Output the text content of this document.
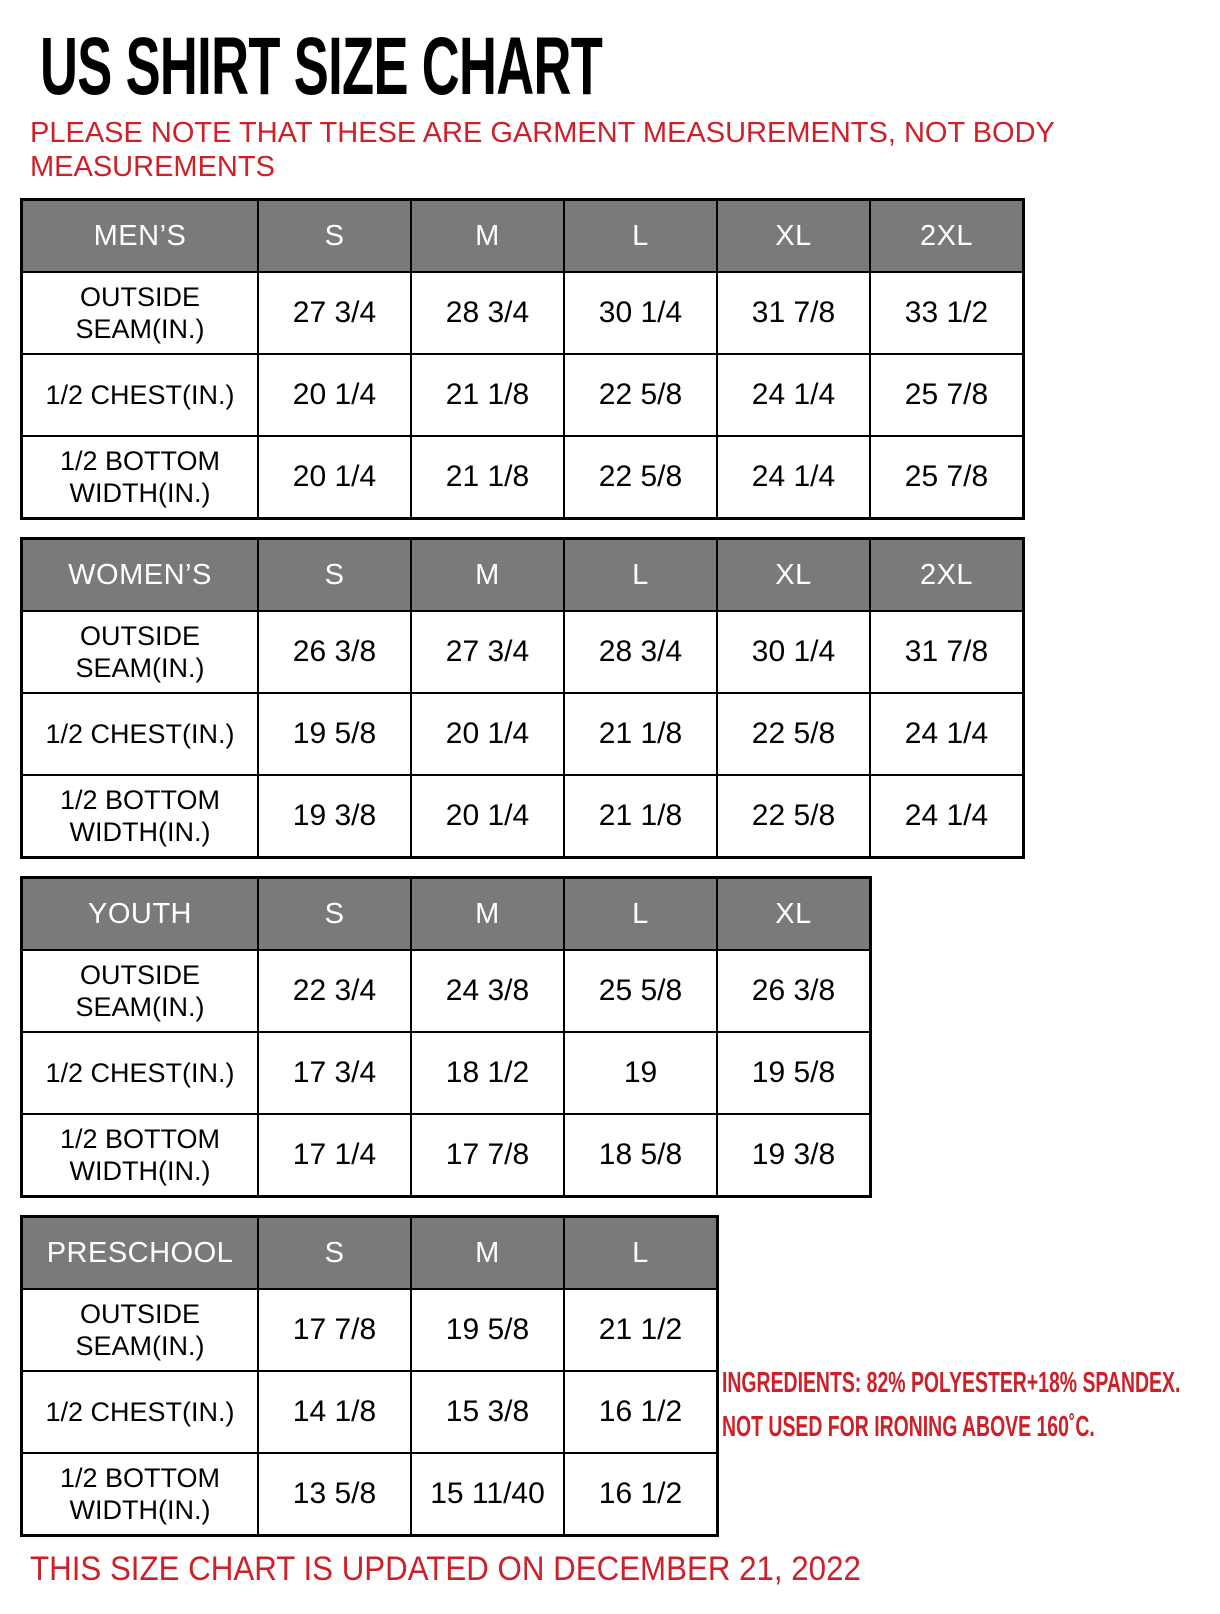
US SHIRT SIZE CHART

PLEASE NOTE THAT THESE ARE GARMENT MEASUREMENTS, NOT BODY MEASUREMENTS

INGREDIENTS: 82% POLYESTER+18% SPANDEX.
NOT USED FOR IRONING ABOVE 160˚C.
MEN’S	S	M	L	XL	2XL
OUTSIDE SEAM(IN.)	27 3/4	28 3/4	30 1/4	31 7/8	33 1/2
1/2 CHEST(IN.)	20 1/4	21 1/8	22 5/8	24 1/4	25 7/8
1/2 BOTTOM WIDTH(IN.)	20 1/4	21 1/8	22 5/8	24 1/4	25 7/8
WOMEN’S	S	M	L	XL	2XL
OUTSIDE SEAM(IN.)	26 3/8	27 3/4	28 3/4	30 1/4	31 7/8
1/2 CHEST(IN.)	19 5/8	20 1/4	21 1/8	22 5/8	24 1/4
1/2 BOTTOM WIDTH(IN.)	19 3/8	20 1/4	21 1/8	22 5/8	24 1/4
YOUTH	S	M	L	XL
OUTSIDE SEAM(IN.)	22 3/4	24 3/8	25 5/8	26 3/8
1/2 CHEST(IN.)	17 3/4	18 1/2	19	19 5/8
1/2 BOTTOM WIDTH(IN.)	17 1/4	17 7/8	18 5/8	19 3/8
PRESCHOOL	S	M	L
OUTSIDE SEAM(IN.)	17 7/8	19 5/8	21 1/2
1/2 CHEST(IN.)	14 1/8	15 3/8	16 1/2
1/2 BOTTOM WIDTH(IN.)	13 5/8	15 11/40	16 1/2

THIS SIZE CHART IS UPDATED ON DECEMBER 21, 2022
